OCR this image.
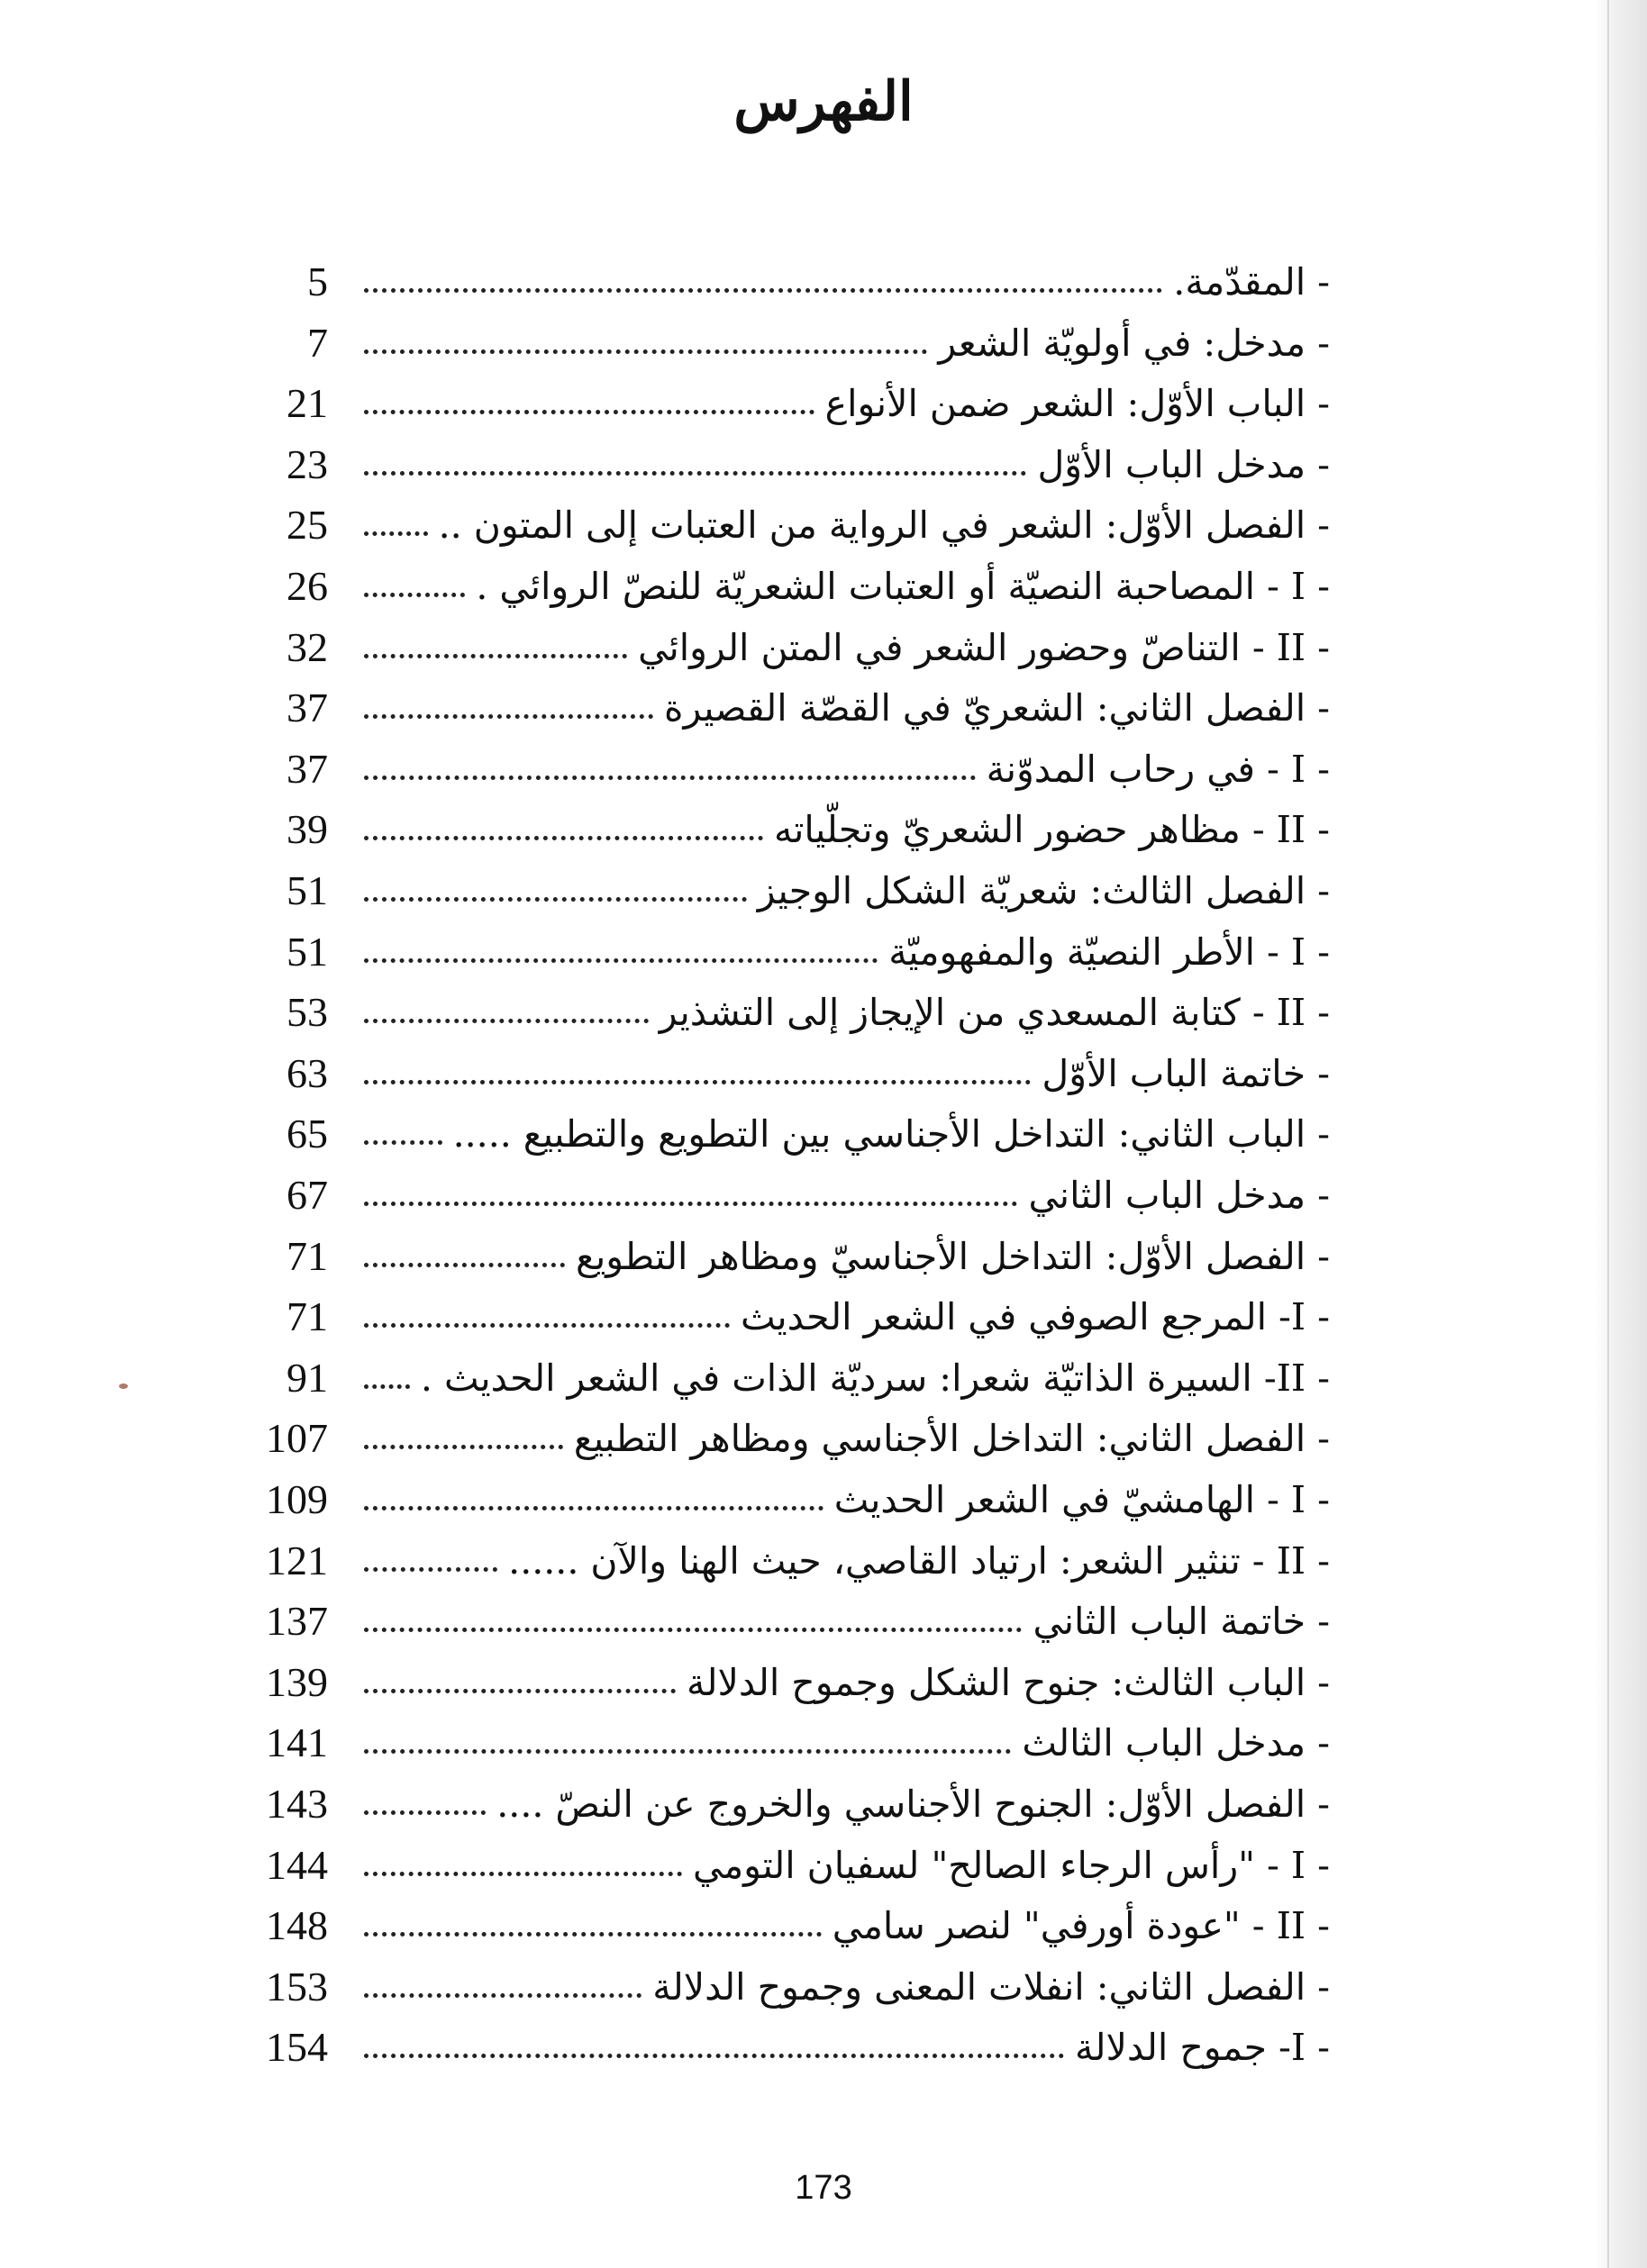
الفهرس
5	- المقدّمة.
7	- مدخل: في أولويّة الشعر
21	- الباب الأوّل: الشعر ضمن الأنواع
23	- مدخل الباب الأوّل
25	- الفصل الأوّل: الشعر في الرواية من العتبات إلى المتون ..
26	- I - المصاحبة النصيّة أو العتبات الشعريّة للنصّ الروائي .
32	- II - التناصّ وحضور الشعر في المتن الروائي
37	- الفصل الثاني: الشعريّ في القصّة القصيرة
37	- I - في رحاب المدوّنة
39	- II - مظاهر حضور الشعريّ وتجلّياته
51	- الفصل الثالث: شعريّة الشكل الوجيز
51	- I - الأطر النصيّة والمفهوميّة
53	- II - كتابة المسعدي من الإيجاز إلى التشذير
63	- خاتمة الباب الأوّل
65	- الباب الثاني: التداخل الأجناسي بين التطويع والتطبيع .....
67	- مدخل الباب الثاني
71	- الفصل الأوّل: التداخل الأجناسيّ ومظاهر التطويع
71	- I- المرجع الصوفي في الشعر الحديث
91	- II- السيرة الذاتيّة شعرا: سرديّة الذات في الشعر الحديث .
107	- الفصل الثاني: التداخل الأجناسي ومظاهر التطبيع
109	- I - الهامشيّ في الشعر الحديث
121	- II - تنثير الشعر: ارتياد القاصي، حيث الهنا والآن ......
137	- خاتمة الباب الثاني
139	- الباب الثالث: جنوح الشكل وجموح الدلالة
141	- مدخل الباب الثالث
143	- الفصل الأوّل: الجنوح الأجناسي والخروج عن النصّ ....
144	- I - "رأس الرجاء الصالح" لسفيان التومي
148	- II - "عودة أورفي" لنصر سامي
153	- الفصل الثاني: انفلات المعنى وجموح الدلالة
154	- I- جموح الدلالة
173
